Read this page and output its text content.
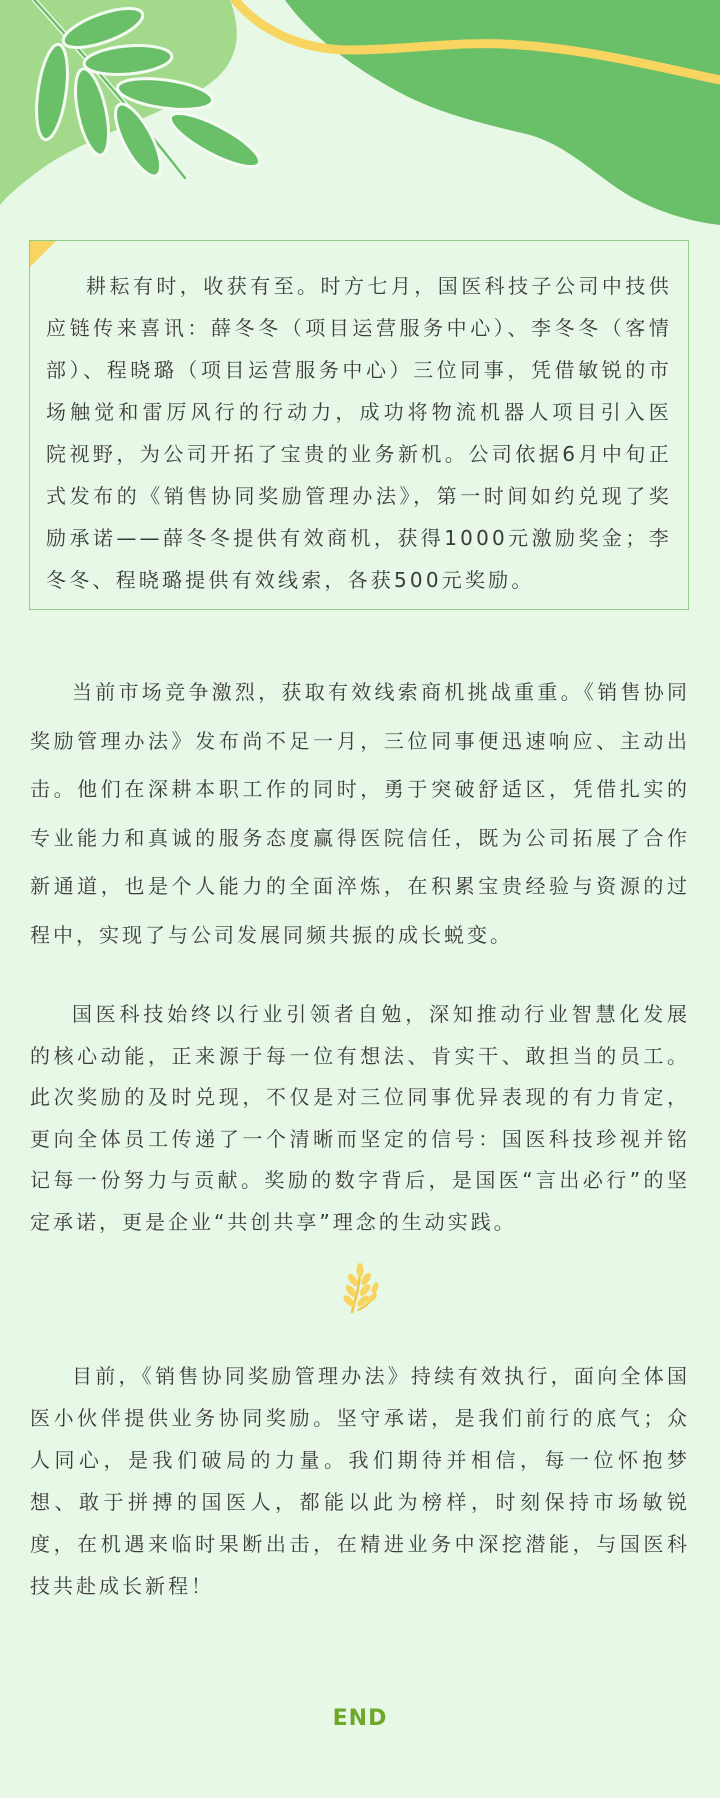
耕耘有时，收获有至。时方七月，国医科技子公司中技供应链传来喜讯：薛冬冬（项目运营服务中心）、李冬冬（客情部）、程晓璐（项目运营服务中心）三位同事，凭借敏锐的市场触觉和雷厉风行的行动力，成功将物流机器人项目引入医院视野，为公司开拓了宝贵的业务新机。公司依据6月中旬正式发布的《销售协同奖励管理办法》，第一时间如约兑现了奖励承诺——薛冬冬提供有效商机，获得1000元激励奖金；李冬冬、程晓璐提供有效线索，各获500元奖励。

当前市场竞争激烈，获取有效线索商机挑战重重。《销售协同奖励管理办法》发布尚不足一月，三位同事便迅速响应、主动出击。他们在深耕本职工作的同时，勇于突破舒适区，凭借扎实的专业能力和真诚的服务态度赢得医院信任，既为公司拓展了合作新通道，也是个人能力的全面淬炼，在积累宝贵经验与资源的过程中，实现了与公司发展同频共振的成长蜕变。

国医科技始终以行业引领者自勉，深知推动行业智慧化发展的核心动能，正来源于每一位有想法、肯实干、敢担当的员工。此次奖励的及时兑现，不仅是对三位同事优异表现的有力肯定，更向全体员工传递了一个清晰而坚定的信号：国医科技珍视并铭记每一份努力与贡献。奖励的数字背后，是国医“言出必行”的坚定承诺，更是企业“共创共享”理念的生动实践。

目前，《销售协同奖励管理办法》持续有效执行，面向全体国医小伙伴提供业务协同奖励。坚守承诺，是我们前行的底气；众人同心，是我们破局的力量。我们期待并相信，每一位怀抱梦想、敢于拼搏的国医人，都能以此为榜样，时刻保持市场敏锐度，在机遇来临时果断出击，在精进业务中深挖潜能，与国医科技共赴成长新程！

END
